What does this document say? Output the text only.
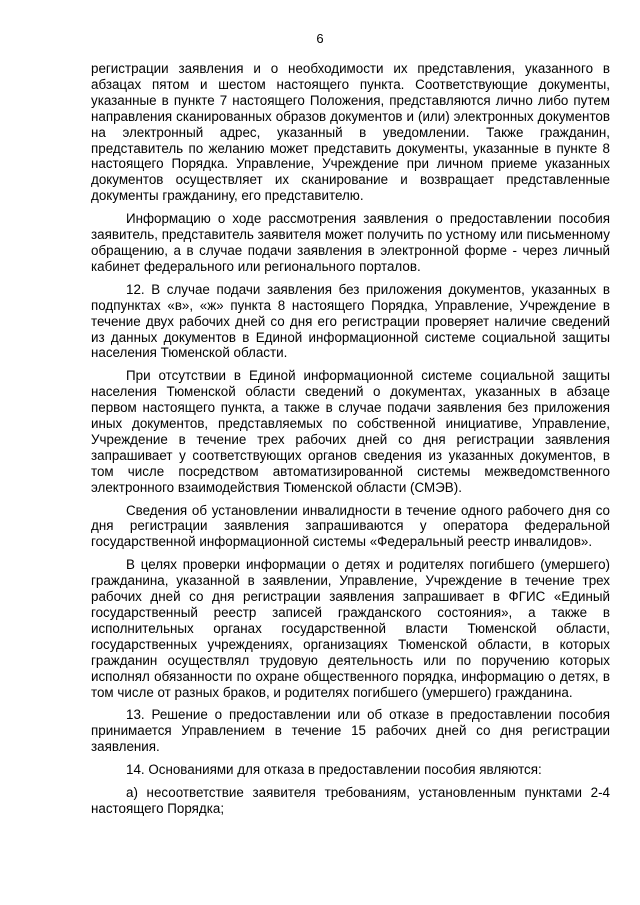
6

регистрации заявления и о необходимости их представления, указанного в абзацах пятом и шестом настоящего пункта. Соответствующие документы, указанные в пункте 7 настоящего Положения, представляются лично либо путем направления сканированных образов документов и (или) электронных документов на электронный адрес, указанный в уведомлении. Также гражданин, представитель по желанию может представить документы, указанные в пункте 8 настоящего Порядка. Управление, Учреждение при личном приеме указанных документов осуществляет их сканирование и возвращает представленные документы гражданину, его представителю.

Информацию о ходе рассмотрения заявления о предоставлении пособия заявитель, представитель заявителя может получить по устному или письменному обращению, а в случае подачи заявления в электронной форме - через личный кабинет федерального или регионального порталов.

12. В случае подачи заявления без приложения документов, указанных в подпунктах «в», «ж» пункта 8 настоящего Порядка, Управление, Учреждение в течение двух рабочих дней со дня его регистрации проверяет наличие сведений из данных документов в Единой информационной системе социальной защиты населения Тюменской области.

При отсутствии в Единой информационной системе социальной защиты населения Тюменской области сведений о документах, указанных в абзаце первом настоящего пункта, а также в случае подачи заявления без приложения иных документов, представляемых по собственной инициативе, Управление, Учреждение в течение трех рабочих дней со дня регистрации заявления запрашивает у соответствующих органов сведения из указанных документов, в том числе посредством автоматизированной системы межведомственного электронного взаимодействия Тюменской области (СМЭВ).

Сведения об установлении инвалидности в течение одного рабочего дня со дня регистрации заявления запрашиваются у оператора федеральной государственной информационной системы «Федеральный реестр инвалидов».

В целях проверки информации о детях и родителях погибшего (умершего) гражданина, указанной в заявлении, Управление, Учреждение в течение трех рабочих дней со дня регистрации заявления запрашивает в ФГИС «Единый государственный реестр записей гражданского состояния», а также в исполнительных органах государственной власти Тюменской области, государственных учреждениях, организациях Тюменской области, в которых гражданин осуществлял трудовую деятельность или по поручению которых исполнял обязанности по охране общественного порядка, информацию о детях, в том числе от разных браков, и родителях погибшего (умершего) гражданина.

13. Решение о предоставлении или об отказе в предоставлении пособия принимается Управлением в течение 15 рабочих дней со дня регистрации заявления.

14. Основаниями для отказа в предоставлении пособия являются:

а) несоответствие заявителя требованиям, установленным пунктами 2-4 настоящего Порядка;
